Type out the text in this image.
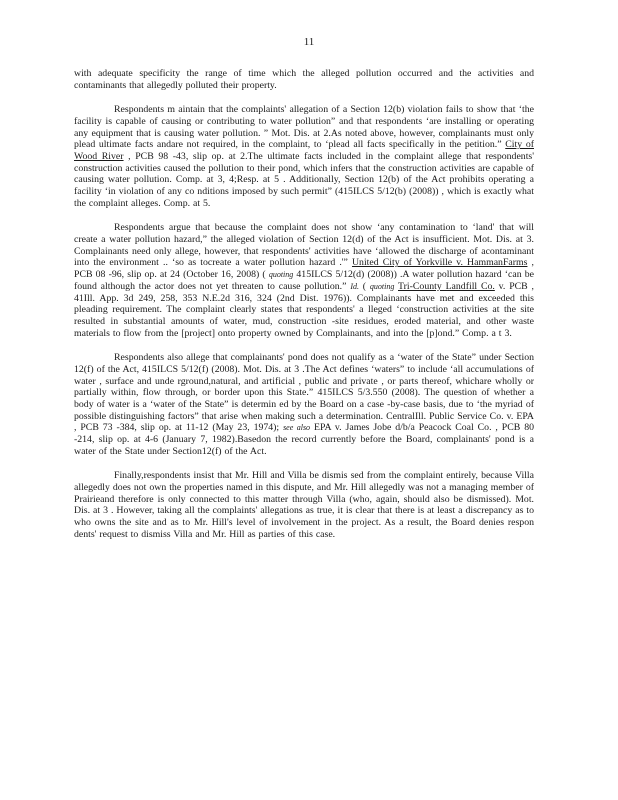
11

with adequate specificity the range of time which the alleged pollution occurred and the activities and contaminants that allegedly polluted their property.

Respondents m aintain that the complaints' allegation of a Section 12(b) violation fails to show that ‘the facility is capable of causing or contributing to water pollution” and that respondents ‘are installing or operating any equipment that is causing water pollution. ” Mot. Dis. at 2.As noted above, however, complainants must only plead ultimate facts andare not required, in the complaint, to ‘plead all facts specifically in the petition.” City of Wood River , PCB 98 -43, slip op. at 2.The ultimate facts included in the complaint allege that respondents' construction activities caused the pollution to their pond, which infers that the construction activities are capable of causing water pollution. Comp. at 3, 4;Resp. at 5 . Additionally, Section 12(b) of the Act prohibits operating a facility ‘in violation of any co nditions imposed by such permit” (415ILCS 5/12(b) (2008)) , which is exactly what the complaint alleges. Comp. at 5.

Respondents argue that because the complaint does not show ‘any contamination to ‘land' that will create a water pollution hazard,” the alleged violation of Section 12(d) of the Act is insufficient. Mot. Dis. at 3. Complainants need only allege, however, that respondents' activities have ‘allowed the discharge of acontaminant into the environment .. ‘so as tocreate a water pollution hazard .'” United City of Yorkville v. HammanFarms , PCB 08 -96, slip op. at 24 (October 16, 2008) ( quoting 415ILCS 5/12(d) (2008)) .A water pollution hazard ‘can be found although the actor does not yet threaten to cause pollution.” Id. ( quoting Tri-County Landfill Co. v. PCB , 41Ill. App. 3d 249, 258, 353 N.E.2d 316, 324 (2nd Dist. 1976)). Complainants have met and exceeded this pleading requirement. The complaint clearly states that respondents' a lleged ‘construction activities at the site resulted in substantial amounts of water, mud, construction -site residues, eroded material, and other waste materials to flow from the [project] onto property owned by Complainants, and into the [p]ond.” Comp. a t 3.

Respondents also allege that complainants' pond does not qualify as a ‘water of the State” under Section 12(f) of the Act, 415ILCS 5/12(f) (2008). Mot. Dis. at 3 .The Act defines ‘waters” to include ‘all accumulations of water , surface and unde rground,natural, and artificial , public and private , or parts thereof, whichare wholly or partially within, flow through, or border upon this State.” 415ILCS 5/3.550 (2008). The question of whether a body of water is a ‘water of the State” is determin ed by the Board on a case -by-case basis, due to ‘the myriad of possible distinguishing factors” that arise when making such a determination. CentralIll. Public Service Co. v. EPA , PCB 73 -384, slip op. at 11-12 (May 23, 1974); see also EPA v. James Jobe d/b/a Peacock Coal Co. , PCB 80 -214, slip op. at 4-6 (January 7, 1982).Basedon the record currently before the Board, complainants' pond is a water of the State under Section12(f) of the Act.

Finally,respondents insist that Mr. Hill and Villa be dismis sed from the complaint entirely, because Villa allegedly does not own the properties named in this dispute, and Mr. Hill allegedly was not a managing member of Prairieand therefore is only connected to this matter through Villa (who, again, should also be dismissed). Mot. Dis. at 3 . However, taking all the complaints' allegations as true, it is clear that there is at least a discrepancy as to who owns the site and as to Mr. Hill's level of involvement in the project. As a result, the Board denies respon dents' request to dismiss Villa and Mr. Hill as parties of this case.
